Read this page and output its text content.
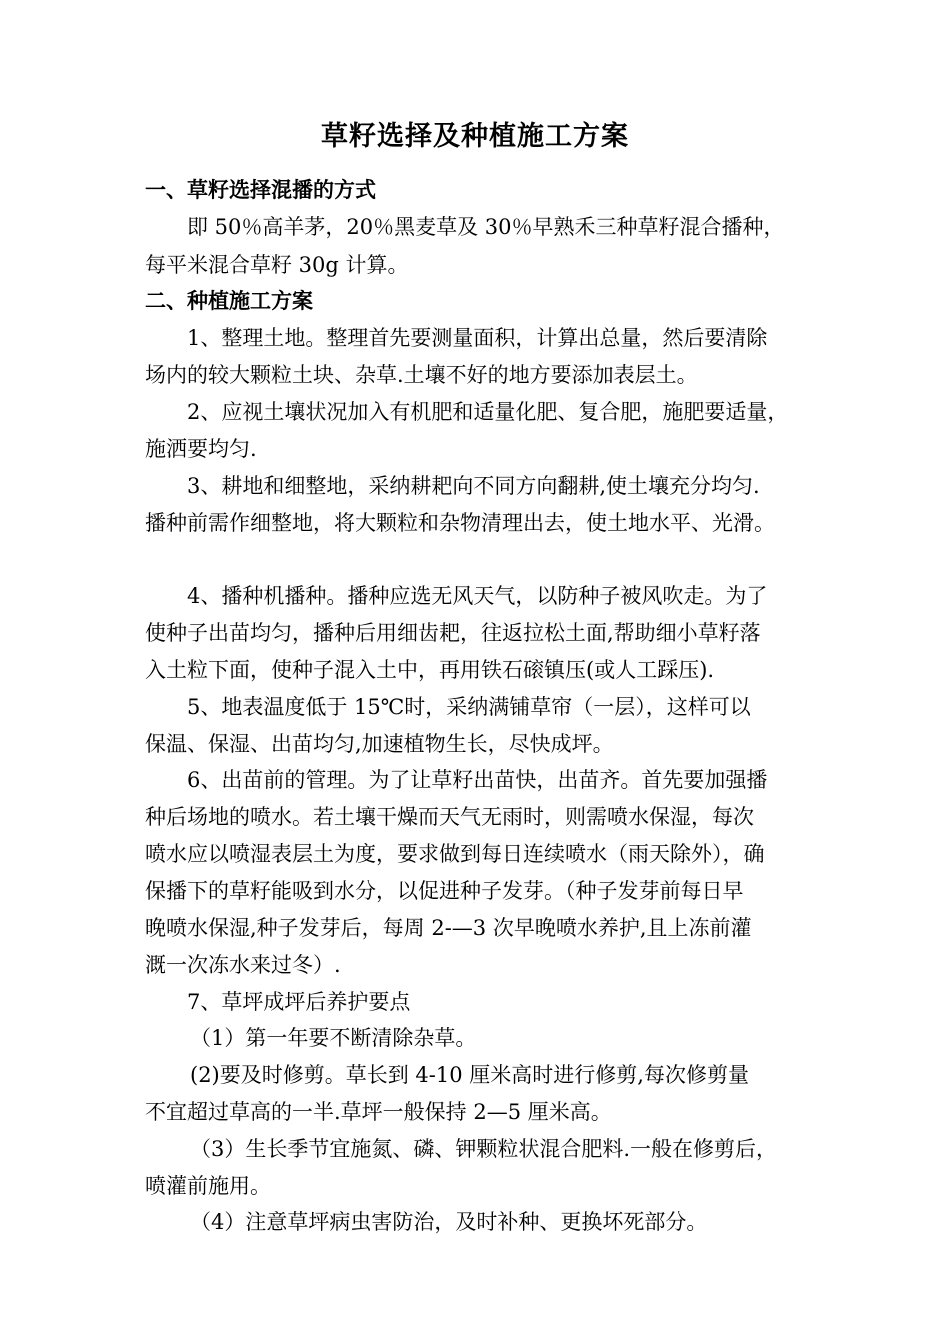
草籽选择及种植施工方案
一、草籽选择混播的方式
即 50％高羊茅，20％黑麦草及 30％早熟禾三种草籽混合播种，
每平米混合草籽 30g 计算。
二、种植施工方案
1、整理土地。整理首先要测量面积，计算出总量，然后要清除
场内的较大颗粒土块、杂草.土壤不好的地方要添加表层土。
2、应视土壤状况加入有机肥和适量化肥、复合肥，施肥要适量，
施洒要均匀.
3、耕地和细整地，采纳耕耙向不同方向翻耕,使土壤充分均匀.
播种前需作细整地，将大颗粒和杂物清理出去，使土地水平、光滑。
4、播种机播种。播种应选无风天气，以防种子被风吹走。为了
使种子出苗均匀，播种后用细齿耙，往返拉松土面,帮助细小草籽落
入土粒下面，使种子混入土中，再用铁石磙镇压(或人工踩压).
5、地表温度低于 15℃时，采纳满铺草帘（一层），这样可以
保温、保湿、出苗均匀,加速植物生长，尽快成坪。
6、出苗前的管理。为了让草籽出苗快，出苗齐。首先要加强播
种后场地的喷水。若土壤干燥而天气无雨时，则需喷水保湿，每次
喷水应以喷湿表层土为度，要求做到每日连续喷水（雨天除外），确
保播下的草籽能吸到水分，以促进种子发芽。（种子发芽前每日早
晚喷水保湿,种子发芽后，每周 2-—3 次早晚喷水养护,且上冻前灌
溉一次冻水来过冬）.
7、草坪成坪后养护要点
（1）第一年要不断清除杂草。
(2)要及时修剪。草长到 4-10 厘米高时进行修剪,每次修剪量
不宜超过草高的一半.草坪一般保持 2—5 厘米高。
（3）生长季节宜施氮、磷、钾颗粒状混合肥料.一般在修剪后，
喷灌前施用。
（4）注意草坪病虫害防治，及时补种、更换坏死部分。
